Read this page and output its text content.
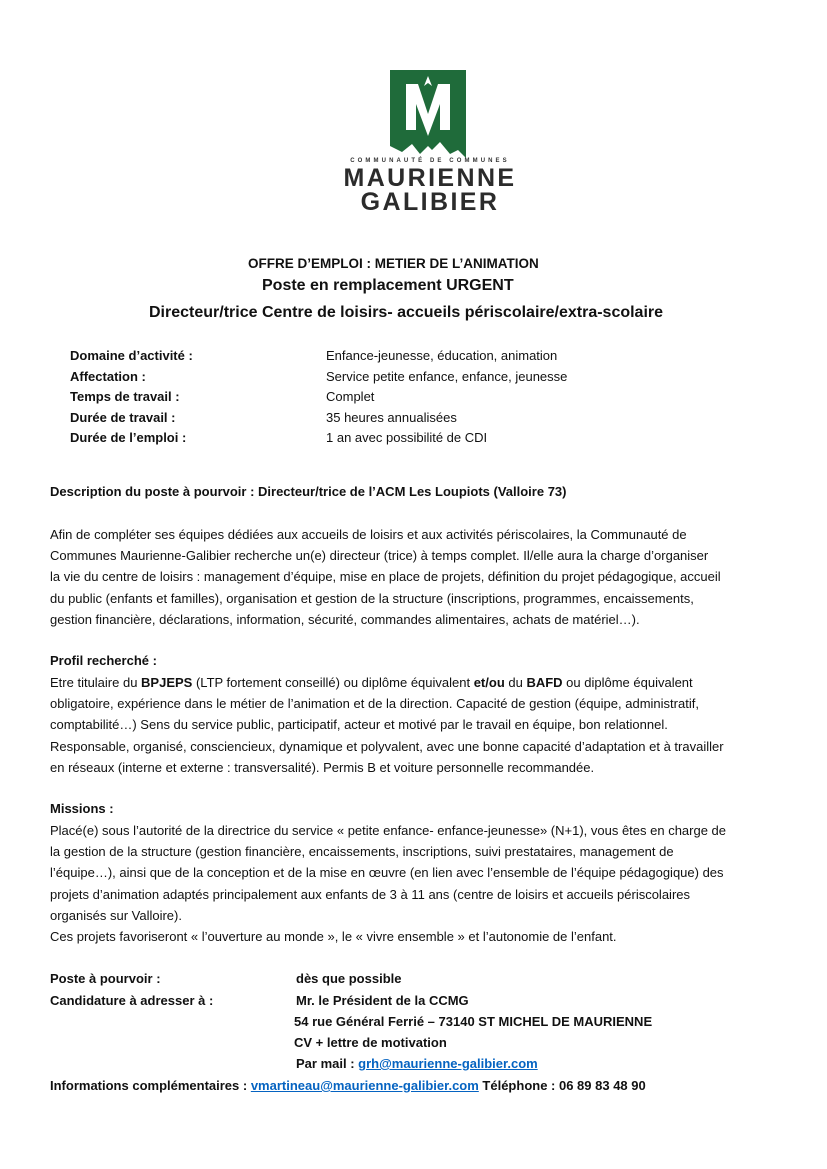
COMMUNAUTÉ DE COMMUNES
MAURIENNE
GALIBIER
OFFRE D’EMPLOI : METIER DE L’ANIMATION
Poste en remplacement URGENT
Directeur/trice Centre de loisirs- accueils périscolaire/extra-scolaire
Domaine d’activité :	Enfance-jeunesse, éducation, animation
Affectation :	Service petite enfance, enfance, jeunesse
Temps de travail :	Complet
Durée de travail :	35 heures annualisées
Durée de l’emploi :	1 an avec possibilité de CDI
Description du poste à pourvoir : Directeur/trice de l’ACM Les Loupiots (Valloire 73)
Afin de compléter ses équipes dédiées aux accueils de loisirs et aux activités périscolaires, la Communauté de
Communes Maurienne-Galibier recherche un(e) directeur (trice) à temps complet. Il/elle aura la charge d’organiser
la vie du centre de loisirs : management d’équipe, mise en place de projets, définition du projet pédagogique, accueil
du public (enfants et familles), organisation et gestion de la structure (inscriptions, programmes, encaissements,
gestion financière, déclarations, information, sécurité, commandes alimentaires, achats de matériel…).
Profil recherché :
Etre titulaire du BPJEPS (LTP fortement conseillé) ou diplôme équivalent et/ou du BAFD ou diplôme équivalent
obligatoire, expérience dans le métier de l’animation et de la direction. Capacité de gestion (équipe, administratif,
comptabilité…) Sens du service public, participatif, acteur et motivé par le travail en équipe, bon relationnel.
Responsable, organisé, consciencieux, dynamique et polyvalent, avec une bonne capacité d’adaptation et à travailler
en réseaux (interne et externe : transversalité). Permis B et voiture personnelle recommandée.
Missions :
Placé(e) sous l’autorité de la directrice du service « petite enfance- enfance-jeunesse» (N+1), vous êtes en charge de
la gestion de la structure (gestion financière, encaissements, inscriptions, suivi prestataires, management de
l’équipe…), ainsi que de la conception et de la mise en œuvre (en lien avec l’ensemble de l’équipe pédagogique) des
projets d’animation adaptés principalement aux enfants de 3 à 11 ans (centre de loisirs et accueils périscolaires
organisés sur Valloire).
Ces projets favoriseront « l’ouverture au monde », le « vivre ensemble » et l’autonomie de l’enfant.
Poste à pourvoir :	dès que possible
Candidature à adresser à :	Mr. le Président de la CCMG
54 rue Général Ferrié – 73140 ST MICHEL DE MAURIENNE
CV + lettre de motivation
Par mail : grh@maurienne-galibier.com
Informations complémentaires : vmartineau@maurienne-galibier.com Téléphone : 06 89 83 48 90
